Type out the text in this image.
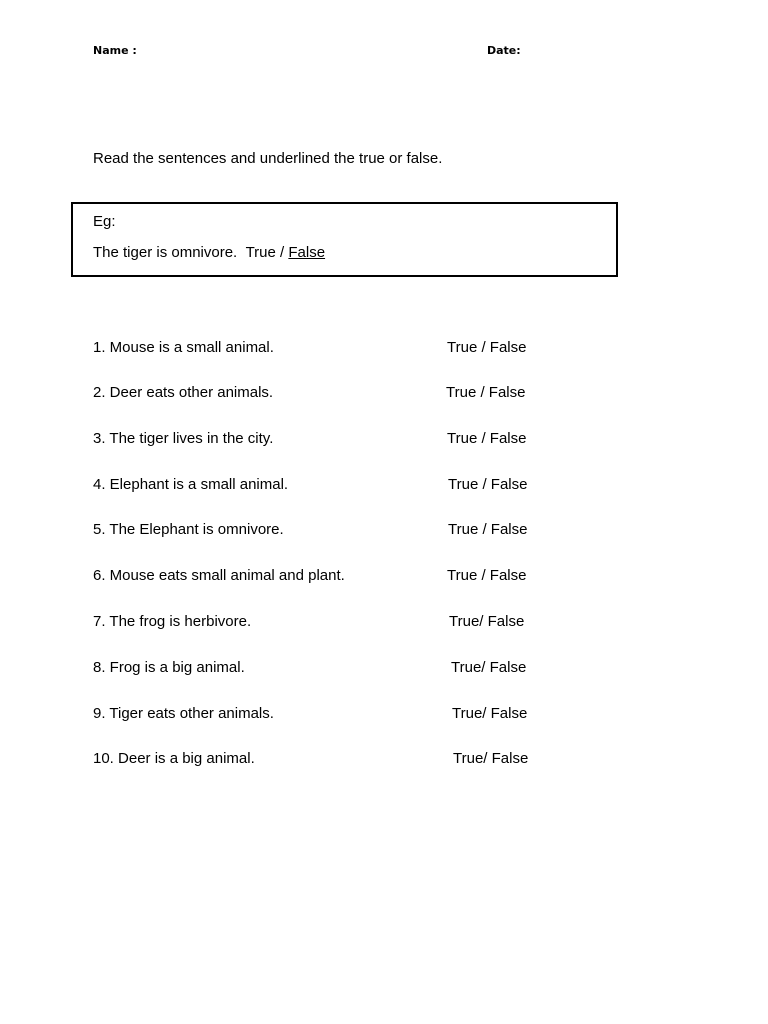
Name :	Date:
Read the sentences and underlined the true or false.
Eg:
The tiger is omnivore. True / False
1. Mouse is a small animal.	True / False
2. Deer eats other animals.	True / False
3. The tiger lives in the city.	True / False
4. Elephant is a small animal.	True / False
5. The Elephant is omnivore.	True / False
6. Mouse eats small animal and plant.	True / False
7. The frog is herbivore.	True/ False
8. Frog is a big animal.	True/ False
9. Tiger eats other animals.	True/ False
10. Deer is a big animal.	True/ False
